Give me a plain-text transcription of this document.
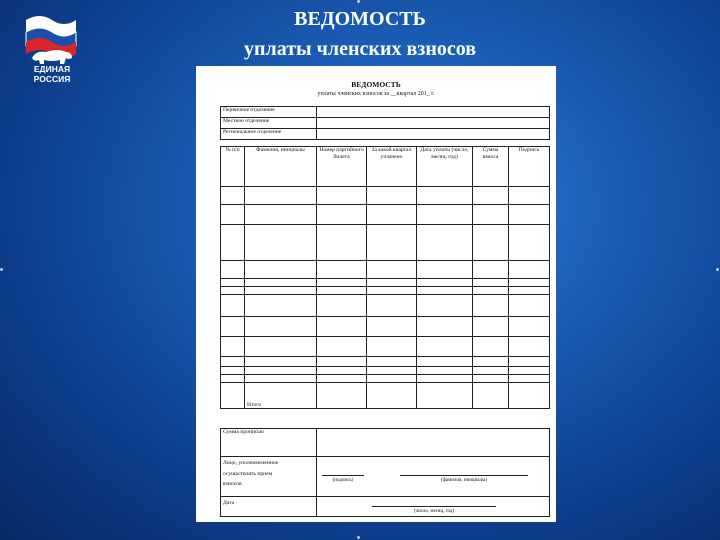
ЕДИНАЯ
РОССИЯ
ВЕДОМОСТЬ
уплаты членских взносов
ВЕДОМОСТЬ
уплаты членских взносов за __квартал 201_ г.
Первичное отделение	
Местное отделение	
Региональное отделение	
№ п/п	Фамилия, инициалы	Номер партийного билета	За какой квартал уплачено	Дата уплаты (число, месяц, год)	Сумма взноса	Подпись

	Итого					
Сумма прописью	

Лицо, уполномоченное
осуществлять прием
взносов	

Дата	
(подпись)	(фамилия, инициалы)
(число, месяц, год)
